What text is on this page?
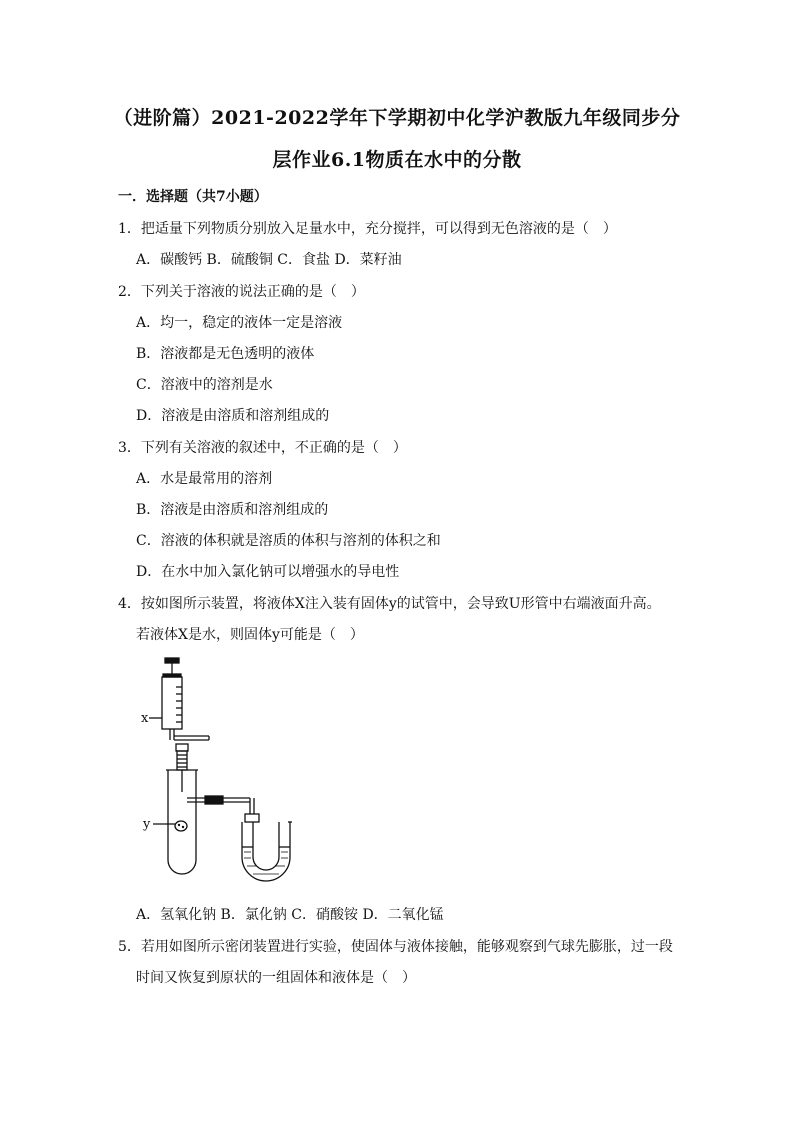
（进阶篇）2021-2022学年下学期初中化学沪教版九年级同步分
层作业6.1物质在水中的分散
一．选择题（共7小题）
1．把适量下列物质分别放入足量水中，充分搅拌，可以得到无色溶液的是（　）
A．碳酸钙 B．硫酸铜 C．食盐 D．菜籽油
2．下列关于溶液的说法正确的是（　）
A．均一，稳定的液体一定是溶液
B．溶液都是无色透明的液体
C．溶液中的溶剂是水
D．溶液是由溶质和溶剂组成的
3．下列有关溶液的叙述中，不正确的是（　）
A．水是最常用的溶剂
B．溶液是由溶质和溶剂组成的
C．溶液的体积就是溶质的体积与溶剂的体积之和
D．在水中加入氯化钠可以增强水的导电性
4．按如图所示装置，将液体X注入装有固体y的试管中，会导致U形管中右端液面升高。
若液体X是水，则固体y可能是（　）
x
y
A．氢氧化钠 B．氯化钠 C．硝酸铵 D．二氧化锰
5．若用如图所示密闭装置进行实验，使固体与液体接触，能够观察到气球先膨胀，过一段
时间又恢复到原状的一组固体和液体是（　）
